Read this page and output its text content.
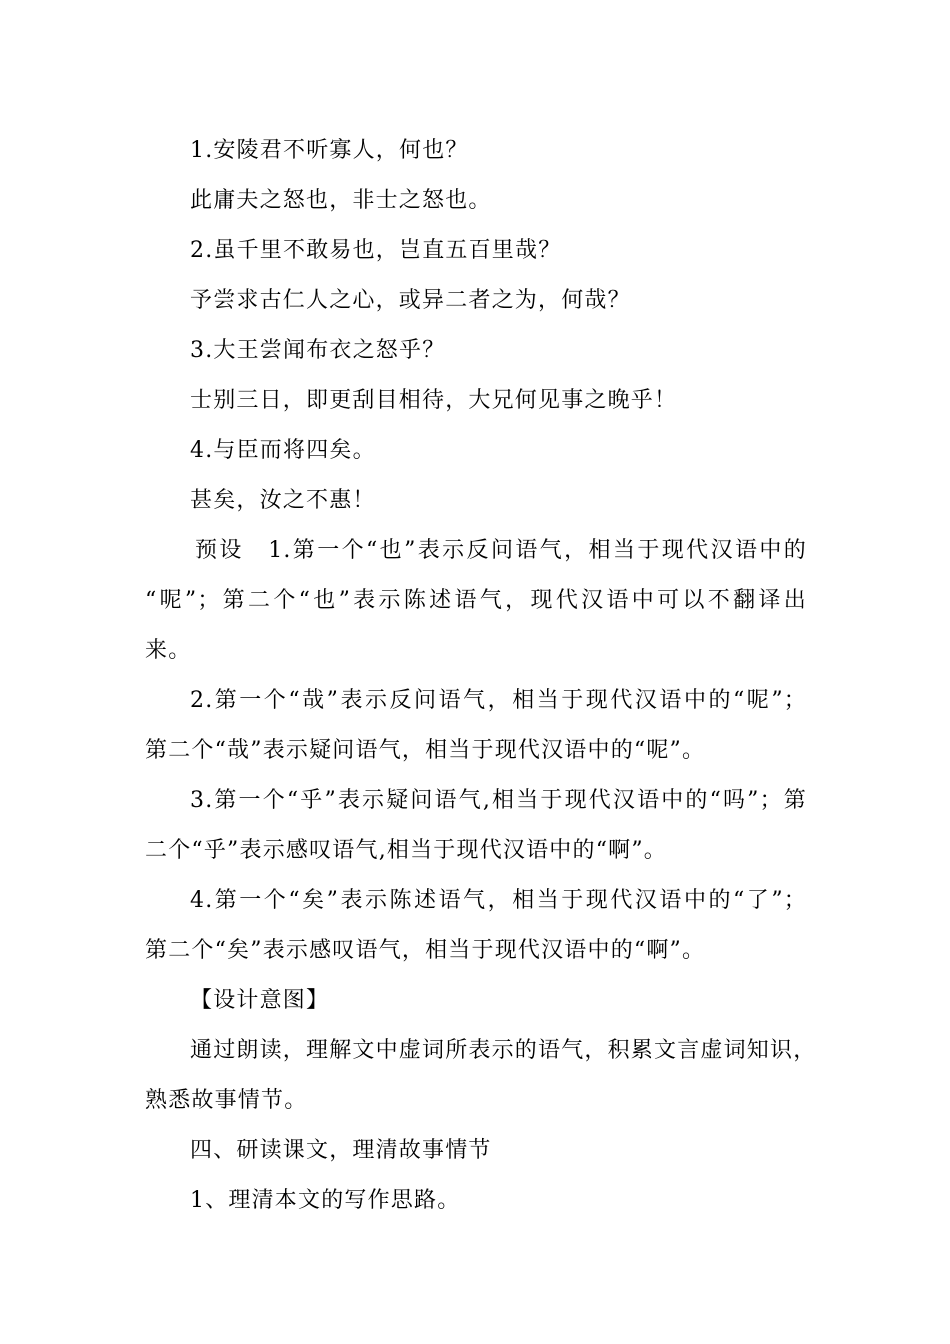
1.安陵君不听寡人，何也？

此庸夫之怒也，非士之怒也。

2.虽千里不敢易也，岂直五百里哉？

予尝求古仁人之心，或异二者之为，何哉？

3.大王尝闻布衣之怒乎？

士别三日，即更刮目相待，大兄何见事之晚乎！

4.与臣而将四矣。

甚矣，汝之不惠！

预设　1.第一个“也”表示反问语气，相当于现代汉语中的

“呢”；第二个“也”表示陈述语气，现代汉语中可以不翻译出

来。

2.第一个“哉”表示反问语气，相当于现代汉语中的“呢”；

第二个“哉”表示疑问语气，相当于现代汉语中的“呢”。

3.第一个“乎”表示疑问语气,相当于现代汉语中的“吗”；第

二个“乎”表示感叹语气,相当于现代汉语中的“啊”。

4.第一个“矣”表示陈述语气，相当于现代汉语中的“了”；

第二个“矣”表示感叹语气，相当于现代汉语中的“啊”。

【设计意图】

通过朗读，理解文中虚词所表示的语气，积累文言虚词知识，

熟悉故事情节。

四、研读课文，理清故事情节

1、理清本文的写作思路。
